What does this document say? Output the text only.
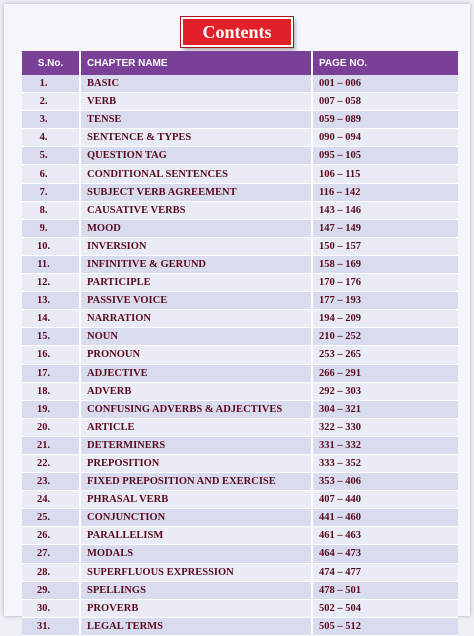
Contents
S.No.	CHAPTER NAME	PAGE NO.
1.	BASIC	001 – 006
2.	VERB	007 – 058
3.	TENSE	059 – 089
4.	SENTENCE & TYPES	090 – 094
5.	QUESTION TAG	095 – 105
6.	CONDITIONAL SENTENCES	106 – 115
7.	SUBJECT VERB AGREEMENT	116 – 142
8.	CAUSATIVE VERBS	143 – 146
9.	MOOD	147 – 149
10.	INVERSION	150 – 157
11.	INFINITIVE & GERUND	158 – 169
12.	PARTICIPLE	170 – 176
13.	PASSIVE VOICE	177 – 193
14.	NARRATION	194 – 209
15.	NOUN	210 – 252
16.	PRONOUN	253 – 265
17.	ADJECTIVE	266 – 291
18.	ADVERB	292 – 303
19.	CONFUSING ADVERBS & ADJECTIVES	304 – 321
20.	ARTICLE	322 – 330
21.	DETERMINERS	331 – 332
22.	PREPOSITION	333 – 352
23.	FIXED PREPOSITION AND EXERCISE	353 – 406
24.	PHRASAL VERB	407 – 440
25.	CONJUNCTION	441 – 460
26.	PARALLELISM	461 – 463
27.	MODALS	464 – 473
28.	SUPERFLUOUS EXPRESSION	474 – 477
29.	SPELLINGS	478 – 501
30.	PROVERB	502 – 504
31.	LEGAL TERMS	505 – 512
